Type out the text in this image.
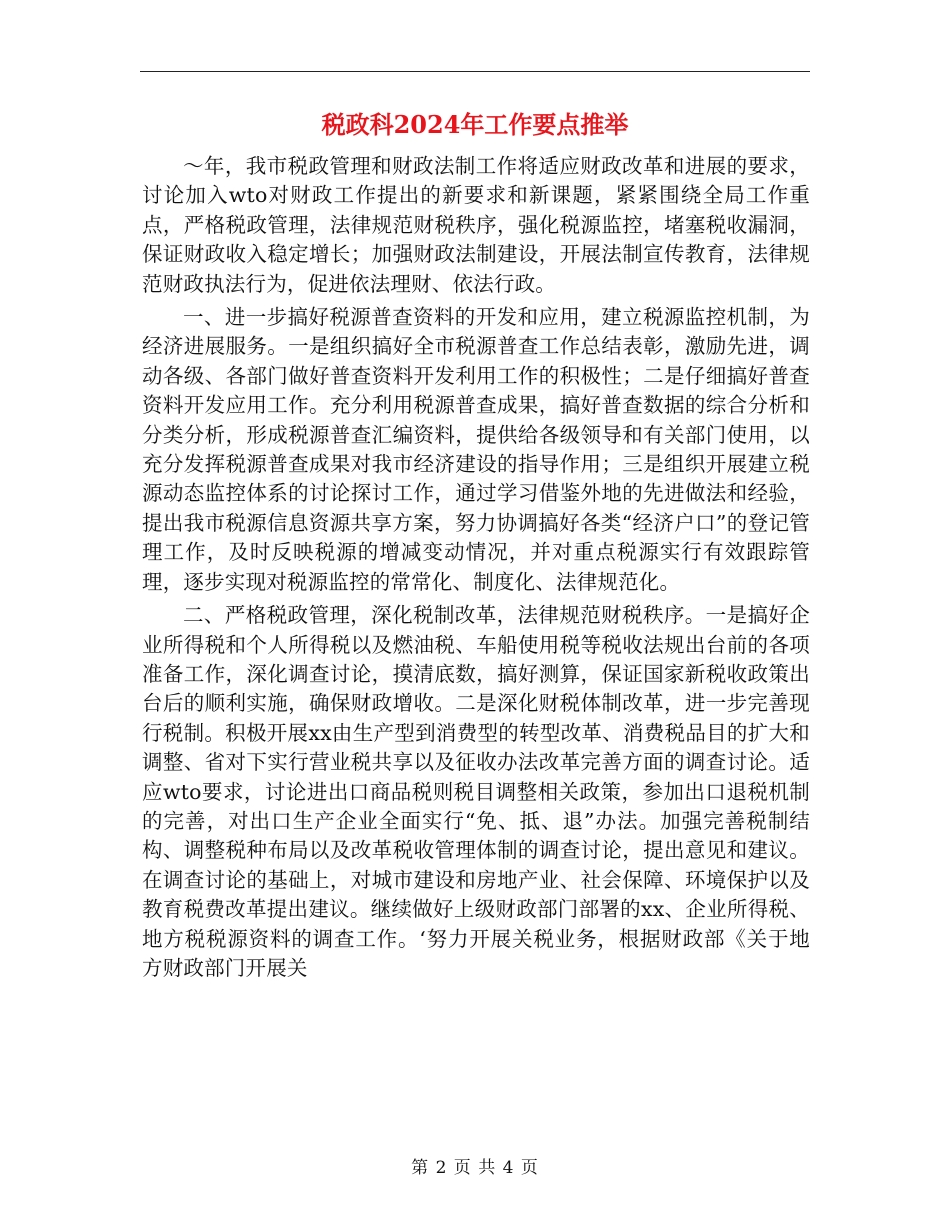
税政科2024年工作要点推举

～年，我市税政管理和财政法制工作将适应财政改革和进展的要求，讨论加入wto对财政工作提出的新要求和新课题，紧紧围绕全局工作重点，严格税政管理，法律规范财税秩序，强化税源监控，堵塞税收漏洞，保证财政收入稳定增长；加强财政法制建设，开展法制宣传教育，法律规范财政执法行为，促进依法理财、依法行政。

一、进一步搞好税源普查资料的开发和应用，建立税源监控机制，为经济进展服务。一是组织搞好全市税源普查工作总结表彰，激励先进，调动各级、各部门做好普查资料开发利用工作的积极性；二是仔细搞好普查资料开发应用工作。充分利用税源普查成果，搞好普查数据的综合分析和分类分析，形成税源普查汇编资料，提供给各级领导和有关部门使用，以充分发挥税源普查成果对我市经济建设的指导作用；三是组织开展建立税源动态监控体系的讨论探讨工作，通过学习借鉴外地的先进做法和经验，提出我市税源信息资源共享方案，努力协调搞好各类“经济户口”的登记管理工作，及时反映税源的增减变动情况，并对重点税源实行有效跟踪管理，逐步实现对税源监控的常常化、制度化、法律规范化。

二、严格税政管理，深化税制改革，法律规范财税秩序。一是搞好企业所得税和个人所得税以及燃油税、车船使用税等税收法规出台前的各项准备工作，深化调查讨论，摸清底数，搞好测算，保证国家新税收政策出台后的顺利实施，确保财政增收。二是深化财税体制改革，进一步完善现行税制。积极开展xx由生产型到消费型的转型改革、消费税品目的扩大和调整、省对下实行营业税共享以及征收办法改革完善方面的调查讨论。适应wto要求，讨论进出口商品税则税目调整相关政策，参加出口退税机制的完善，对出口生产企业全面实行“免、抵、退”办法。加强完善税制结构、调整税种布局以及改革税收管理体制的调查讨论，提出意见和建议。在调查讨论的基础上，对城市建设和房地产业、社会保障、环境保护以及教育税费改革提出建议。继续做好上级财政部门部署的xx、企业所得税、地方税税源资料的调查工作。‘努力开展关税业务，根据财政部《关于地方财政部门开展关

第 2 页 共 4 页
